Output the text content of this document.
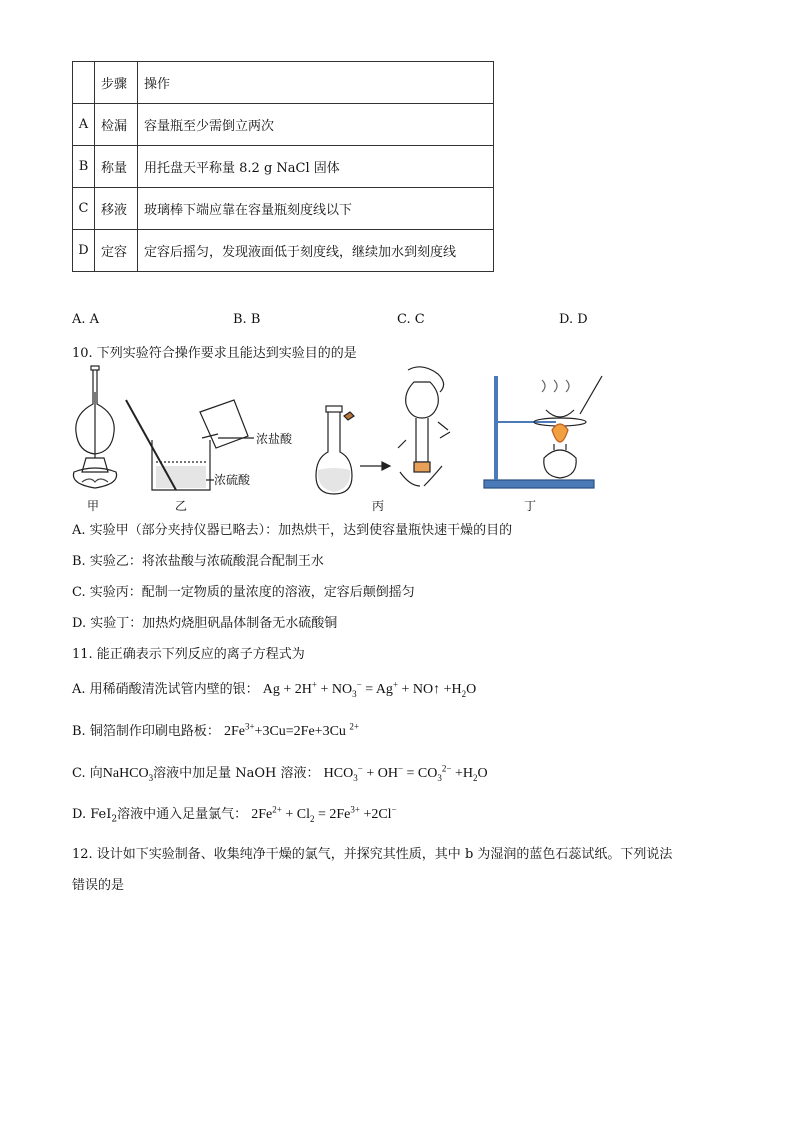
	步骤	操作
A	检漏	容量瓶至少需倒立两次
B	称量	用托盘天平称量 8.2 g NaCl 固体
C	移液	玻璃棒下端应靠在容量瓶刻度线以下
D	定容	定容后摇匀，发现液面低于刻度线，继续加水到刻度线
A. A	B. B	C. C	D. D
10. 下列实验符合操作要求且能达到实验目的的是
浓盐酸
浓硫酸
甲	乙	丙	丁
A. 实验甲（部分夹持仪器已略去）：加热烘干，达到使容量瓶快速干燥的目的
B. 实验乙：将浓盐酸与浓硫酸混合配制王水
C. 实验丙：配制一定物质的量浓度的溶液，定容后颠倒摇匀
D. 实验丁：加热灼烧胆矾晶体制备无水硫酸铜
11. 能正确表示下列反应的离子方程式为
A. 用稀硝酸清洗试管内壁的银： $Ag + 2H^+ + NO_3^- = Ag^+$ + NO↑ $+H_2O$
B. 铜箔制作印刷电路板： $2Fe^{3+}+3Cu=2Fe+3Cu$ $^{2+}$
C. 向NaHCO$_3$溶液中加足量 NaOH 溶液： $HCO_3^- + OH^- = CO_3^{2-} +H_2O$
D. FeI$_2$溶液中通入足量氯气： $2Fe^{2+} + Cl_2 = 2Fe^{3+} +2Cl^-$
12. 设计如下实验制备、收集纯净干燥的氯气，并探究其性质，其中 b 为湿润的蓝色石蕊试纸。下列说法
错误的是
